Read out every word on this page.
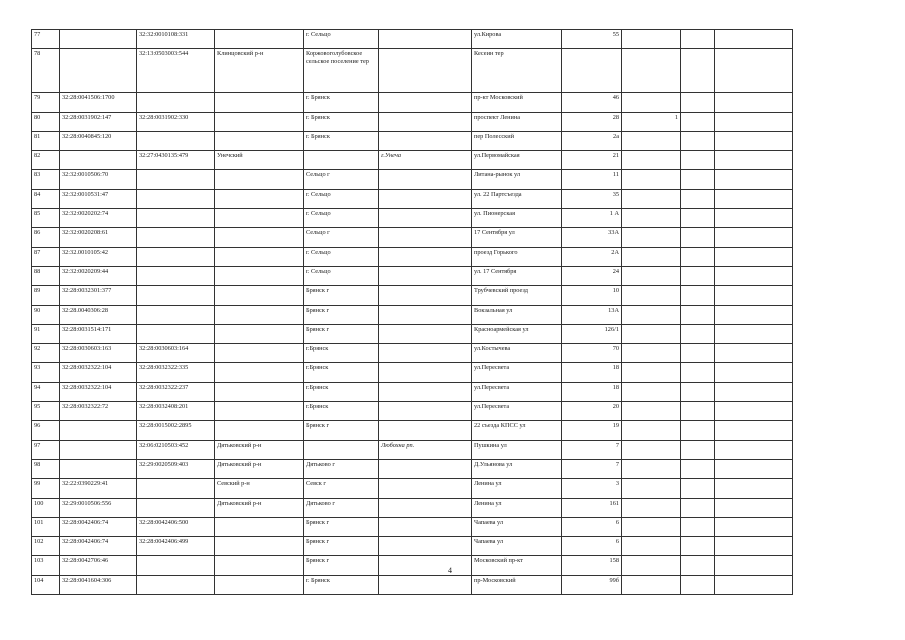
77		32:32:0010108:331		г. Сельцо		ул.Кирова	55			
78		32:13:0503003:544	Клинцовский р-н	Коржовоголубовское сельское поселение тер		Кесеин тер				
79	32:28:0041506:1700			г. Брянск		пр-кт Московский	46			
80	32:28:0031902:147	32:28:0031902:330		г. Брянск		проспект Ленина	28	1		
81	32:28:0040845:120			г. Брянск		пер Полесский	2а			
82		32:27:0430135:479	Унечский		г.Унеча	ул.Первомайская	21			
83	32:32:0010506:70			Сельцо г		Литана-рынок ул	11			
84	32:32:0010531:47			г. Сельцо		ул. 22 Партсъезда	35			
85	32:32:0020202:74			г. Сельцо		ул. Пионерская	1 А			
86	32:32:0020208:61			Сельцо г		17 Сентября ул	33А			
87	32:32.0010105:42			г. Сельцо		проезд Горького	2А			
88	32:32:0020209:44			г. Сельцо		ул. 17 Сентября	24			
89	32:28:0032301:377			Брянск г		Трубчевский проезд	10			
90	32:28.0040306:28			Брянск г		Вокзальная ул	13А			
91	32:28:0031514:171			Брянск г		Красноармейская ул	126/1			
92	32:28:0030603:163	32:28:0030603:164		г.Брянск		ул.Костычева	70			
93	32:28:0032322:104	32:28:0032322:335		г.Брянск		ул.Пересвета	18			
94	32:28:0032322:104	32:28:0032322:237		г.Брянск		ул.Пересвета	18			
95	32:28:0032322:72	32:28:0032408:201		г.Брянск		ул.Пересвета	20			
96		32:28:0015002:2895		Брянск г		22 съезда КПСС ул	19			
97		32:06:0210503:452	Дятьковский р-н		Любохна рп.	Пушкина ул	7			
98		32:29:0020509:403	Дятьковский р-н	Дятьково г		Д.Ульянова ул	7			
99	32:22:0390229:41		Севский р-н	Севск г		Ленина ул	3			
100	32:29:0010506:556		Дятьковский р-н	Дятьково г		Ленина ул	161			
101	32:28:0042406:74	32:28:0042406:500		Брянск г		Чапаева ул	6			
102	32:28:0042406:74	32:28:0042406:499		Брянск г		Чапаева ул	6			
103	32:28:0042706:46			Брянск г		Московский пр-кт	158			
104	32:28:0041604:306			г. Брянск		пр-Московский	99б			
4
